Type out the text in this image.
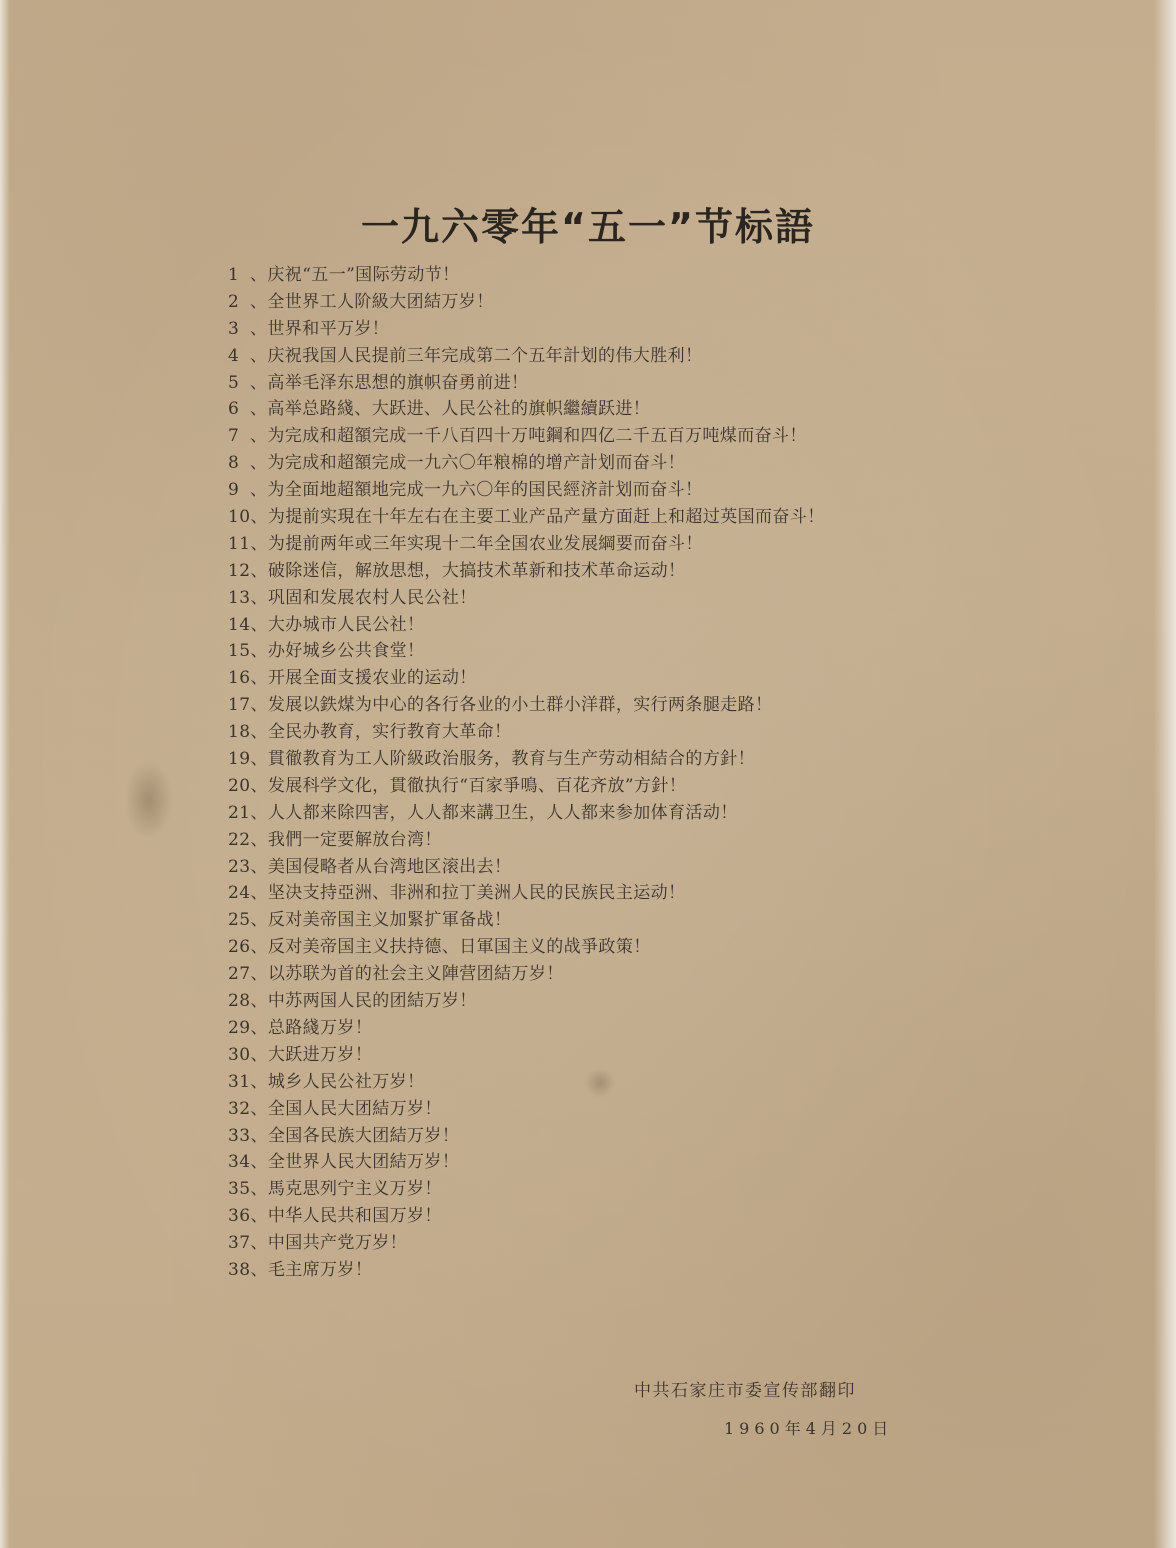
一九六零年“五一”节标語
1 、庆祝“五一”国际劳动节！
2 、全世界工人阶級大团結万岁！
3 、世界和平万岁！
4 、庆祝我国人民提前三年完成第二个五年計划的伟大胜利！
5 、高举毛泽东思想的旗帜奋勇前进！
6 、高举总路綫、大跃进、人民公社的旗帜繼續跃进！
7 、为完成和超額完成一千八百四十万吨鋼和四亿二千五百万吨煤而奋斗！
8 、为完成和超額完成一九六〇年粮棉的增产計划而奋斗！
9 、为全面地超額地完成一九六〇年的国民經济計划而奋斗！
10、为提前实現在十年左右在主要工业产品产量方面赶上和超过英国而奋斗！
11、为提前两年或三年实現十二年全国农业发展綱要而奋斗！
12、破除迷信，解放思想，大搞技术革新和技术革命运动！
13、巩固和发展农村人民公社！
14、大办城市人民公社！
15、办好城乡公共食堂！
16、开展全面支援农业的运动！
17、发展以鉄煤为中心的各行各业的小土群小洋群，实行两条腿走路！
18、全民办教育，实行教育大革命！
19、貫徹教育为工人阶級政治服务，教育与生产劳动相結合的方針！
20、发展科学文化，貫徹执行“百家爭鳴、百花齐放”方針！
21、人人都来除四害，人人都来講卫生，人人都来参加体育活动！
22、我們一定要解放台湾！
23、美国侵略者从台湾地区滚出去！
24、坚决支持亞洲、非洲和拉丁美洲人民的民族民主运动！
25、反对美帝国主义加緊扩軍备战！
26、反对美帝国主义扶持德、日軍国主义的战爭政策！
27、以苏联为首的社会主义陣营团結万岁！
28、中苏两国人民的团結万岁！
29、总路綫万岁！
30、大跃进万岁！
31、城乡人民公社万岁！
32、全国人民大团結万岁！
33、全国各民族大团結万岁！
34、全世界人民大团結万岁！
35、馬克思列宁主义万岁！
36、中华人民共和国万岁！
37、中国共产党万岁！
38、毛主席万岁！
中共石家庄市委宣传部翻印
1960年4月20日
